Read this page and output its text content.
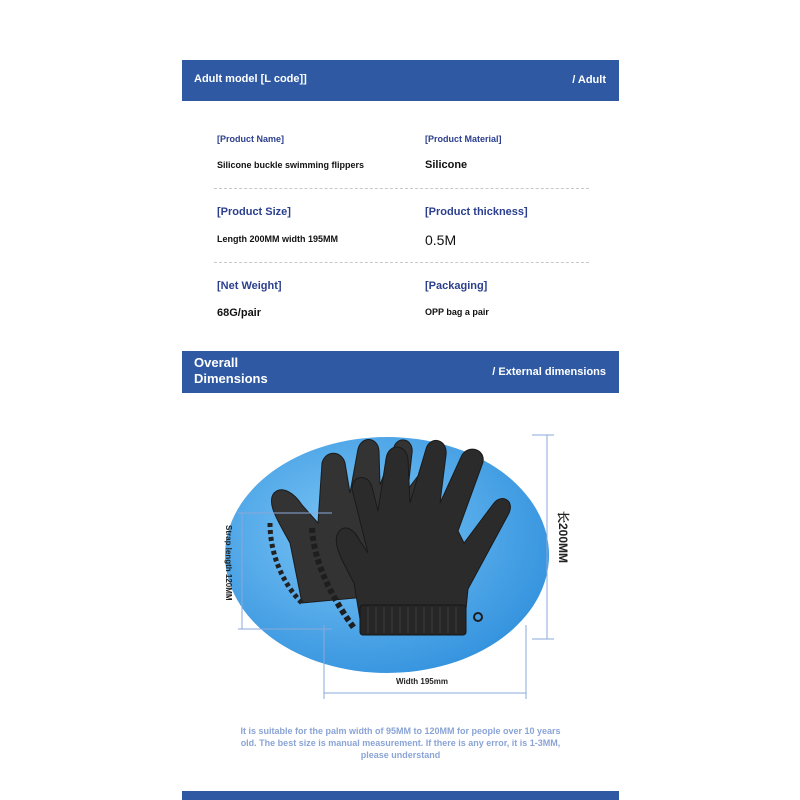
Adult model [L code]]	/ Adult
[Product Name]
Silicone buckle swimming flippers
[Product Material]
Silicone
[Product Size]
Length 200MM width 195MM
[Product thickness]
0.5M
[Net Weight]
68G/pair
[Packaging]
OPP bag a pair
Overall Dimensions	/ External dimensions
长200MM
Strap length 120MM
Width 195mm
It is suitable for the palm width of 95MM to 120MM for people over 10 years old. The best size is manual measurement. If there is any error, it is 1-3MM, please understand
